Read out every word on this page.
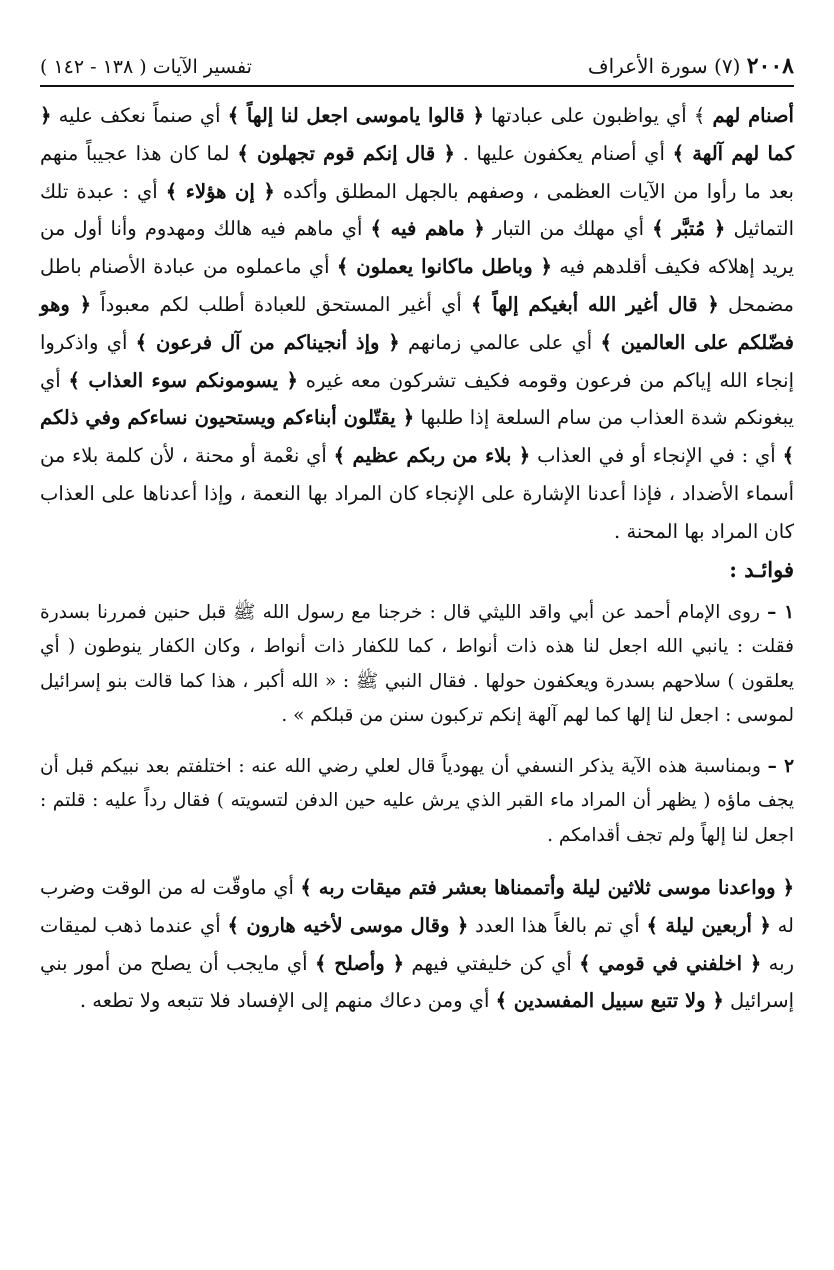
٢٠٠٨ (٧) سورة الأعراف
تفسير الآيات ( ١٣٨ - ١٤٢ )

أصنام لهم ﴾ أي يواظبون على عبادتها ﴿ قالوا ياموسى اجعل لنا إلهاً ﴾ أي صنماً نعكف عليه ﴿ كما لهم آلهة ﴾ أي أصنام يعكفون عليها . ﴿ قال إنكم قوم تجهلون ﴾ لما كان هذا عجيباً منهم بعد ما رأوا من الآيات العظمى ، وصفهم بالجهل المطلق وأكده ﴿ إن هؤلاء ﴾ أي : عبدة تلك التماثيل ﴿ مُتبَّر ﴾ أي مهلك من التبار ﴿ ماهم فيه ﴾ أي ماهم فيه هالك ومهدوم وأنا أول من يريد إهلاكه فكيف أقلدهم فيه ﴿ وباطل ماكانوا يعملون ﴾ أي ماعملوه من عبادة الأصنام باطل مضمحل ﴿ قال أغير الله أبغيكم إلهاً ﴾ أي أغير المستحق للعبادة أطلب لكم معبوداً ﴿ وهو فضّلكم على العالمين ﴾ أي على عالمي زمانهم ﴿ وإذ أنجيناكم من آل فرعون ﴾ أي واذكروا إنجاء الله إياكم من فرعون وقومه فكيف تشركون معه غيره ﴿ يسومونكم سوء العذاب ﴾ أي يبغونكم شدة العذاب من سام السلعة إذا طلبها ﴿ يقتّلون أبناءكم ويستحيون نساءكم وفي ذلكم ﴾ أي : في الإنجاء أو في العذاب ﴿ بلاء من ربكم عظيم ﴾ أي نعْمة أو محنة ، لأن كلمة بلاء من أسماء الأضداد ، فإذا أعدنا الإشارة على الإنجاء كان المراد بها النعمة ، وإذا أعدناها على العذاب كان المراد بها المحنة .

فوائـد :

١ – روى الإمام أحمد عن أبي واقد الليثي قال : خرجنا مع رسول الله ﷺ قبل حنين فمررنا بسدرة فقلت : يانبي الله اجعل لنا هذه ذات أنواط ، كما للكفار ذات أنواط ، وكان الكفار ينوطون ( أي يعلقون ) سلاحهم بسدرة ويعكفون حولها . فقال النبي ﷺ : « الله أكبر ، هذا كما قالت بنو إسرائيل لموسى : اجعل لنا إلها كما لهم آلهة إنكم تركبون سنن من قبلكم » .

٢ – وبمناسبة هذه الآية يذكر النسفي أن يهودياً قال لعلي رضي الله عنه : اختلفتم بعد نبيكم قبل أن يجف ماؤه ( يظهر أن المراد ماء القبر الذي يرش عليه حين الدفن لتسويته ) فقال رداً عليه : قلتم : اجعل لنا إلهاً ولم تجف أقدامكم .

﴿ وواعدنا موسى ثلاثين ليلة وأتممناها بعشر فتم ميقات ربه ﴾ أي ماوقّت له من الوقت وضرب له ﴿ أربعين ليلة ﴾ أي تم بالغاً هذا العدد ﴿ وقال موسى لأخيه هارون ﴾ أي عندما ذهب لميقات ربه ﴿ اخلفني في قومي ﴾ أي كن خليفتي فيهم ﴿ وأصلح ﴾ أي مايجب أن يصلح من أمور بني إسرائيل ﴿ ولا تتبع سبيل المفسدين ﴾ أي ومن دعاك منهم إلى الإفساد فلا تتبعه ولا تطعه .
